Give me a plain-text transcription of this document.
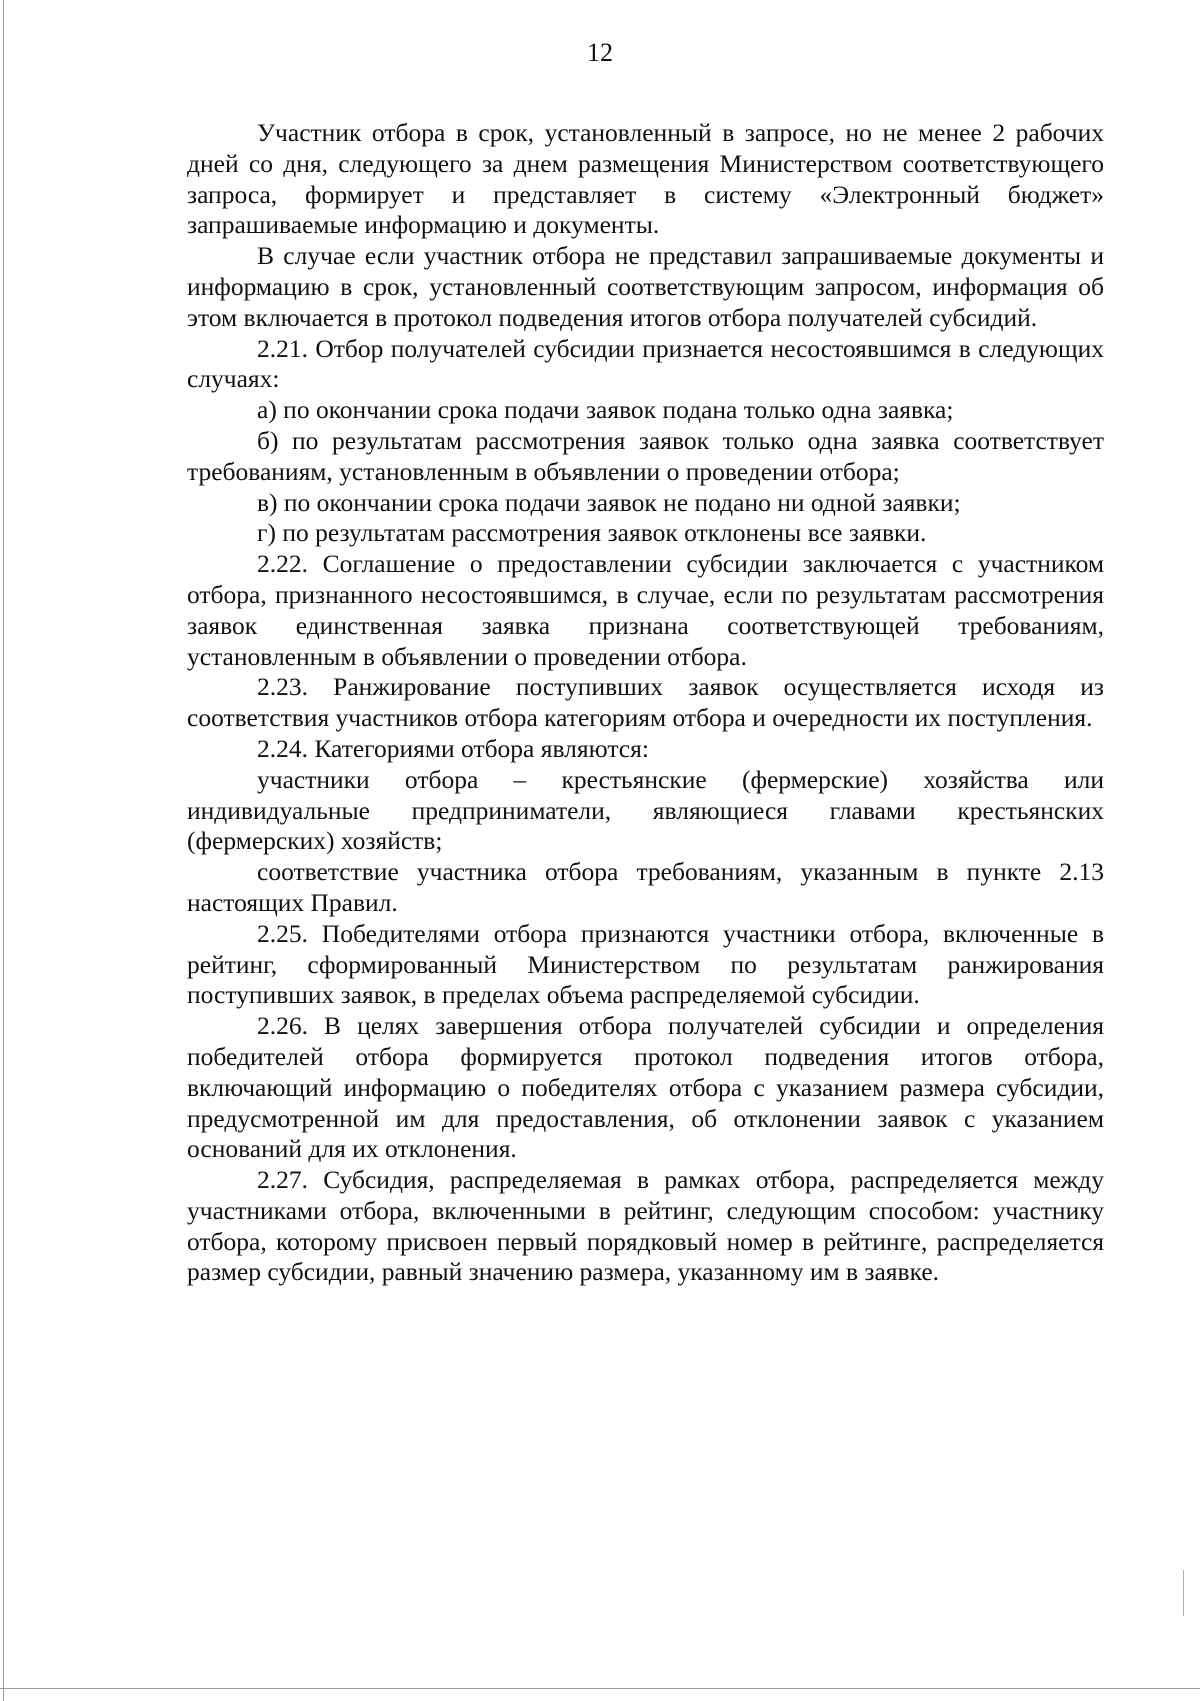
12

Участник отбора в срок, установленный в запросе, но не менее 2 рабочих дней со дня, следующего за днем размещения Министерством соответствующего запроса, формирует и представляет в систему «Электронный бюджет» запрашиваемые информацию и документы.

В случае если участник отбора не представил запрашиваемые документы и информацию в срок, установленный соответствующим запросом, информация об этом включается в протокол подведения итогов отбора получателей субсидий.

2.21. Отбор получателей субсидии признается несостоявшимся в следующих случаях:

а) по окончании срока подачи заявок подана только одна заявка;

б) по результатам рассмотрения заявок только одна заявка соответствует требованиям, установленным в объявлении о проведении отбора;

в) по окончании срока подачи заявок не подано ни одной заявки;

г) по результатам рассмотрения заявок отклонены все заявки.

2.22. Соглашение о предоставлении субсидии заключается с участником отбора, признанного несостоявшимся, в случае, если по результатам рассмотрения заявок единственная заявка признана соответствующей требованиям, установленным в объявлении о проведении отбора.

2.23. Ранжирование поступивших заявок осуществляется исходя из соответствия участников отбора категориям отбора и очередности их поступления.

2.24. Категориями отбора являются:

участники отбора – крестьянские (фермерские) хозяйства или индивидуальные предприниматели, являющиеся главами крестьянских (фермерских) хозяйств;

соответствие участника отбора требованиям, указанным в пункте 2.13 настоящих Правил.

2.25. Победителями отбора признаются участники отбора, включенные в рейтинг, сформированный Министерством по результатам ранжирования поступивших заявок, в пределах объема распределяемой субсидии.

2.26. В целях завершения отбора получателей субсидии и определения победителей отбора формируется протокол подведения итогов отбора, включающий информацию о победителях отбора с указанием размера субсидии, предусмотренной им для предоставления, об отклонении заявок с указанием оснований для их отклонения.

2.27. Субсидия, распределяемая в рамках отбора, распределяется между участниками отбора, включенными в рейтинг, следующим способом: участнику отбора, которому присвоен первый порядковый номер в рейтинге, распределяется размер субсидии, равный значению размера, указанному им в заявке.
